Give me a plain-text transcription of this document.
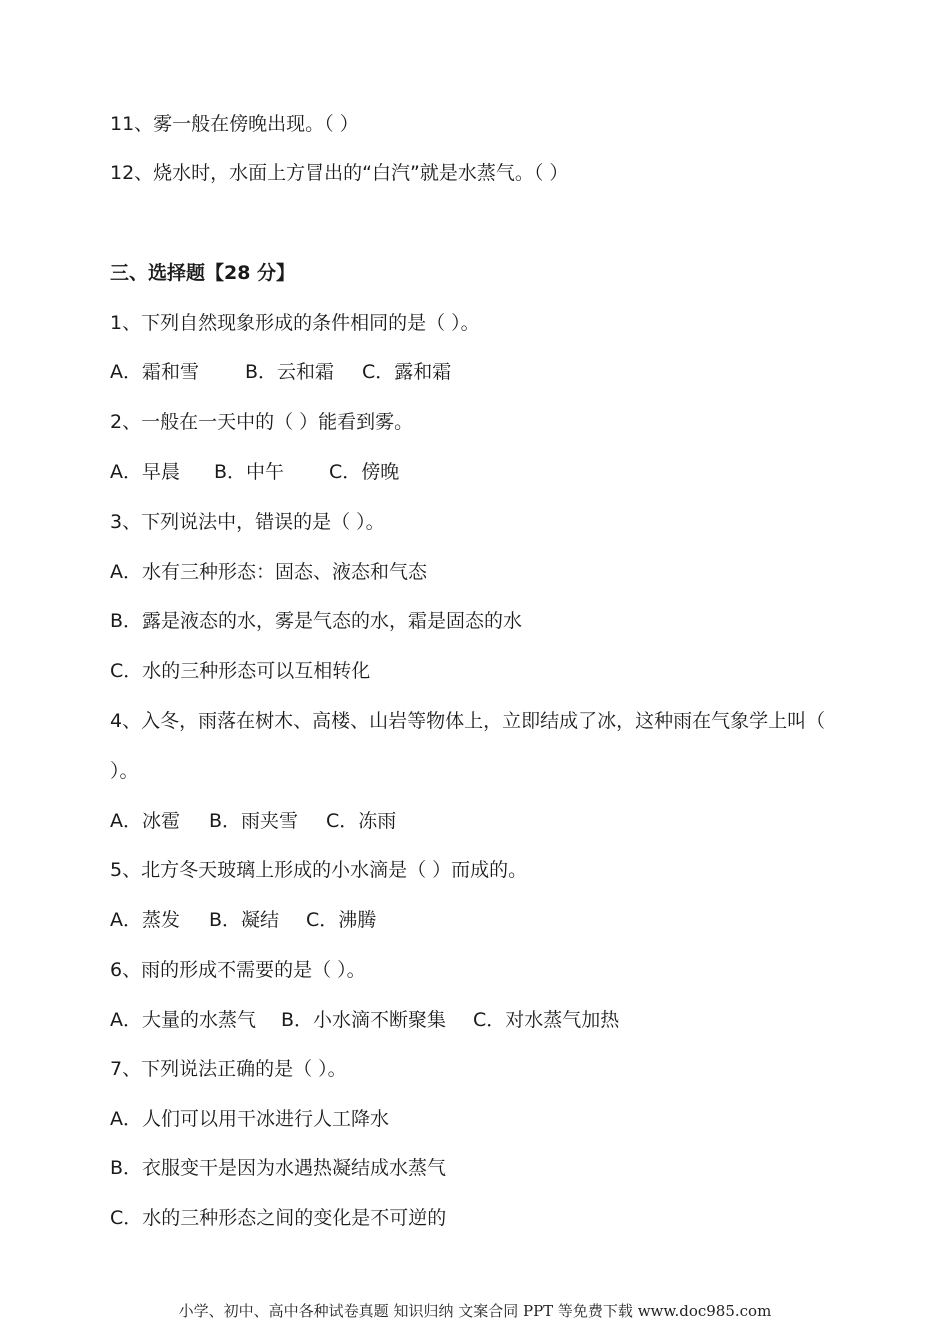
11、雾一般在傍晚出现。（ ）
12、烧水时，水面上方冒出的“白汽”就是水蒸气。（ ）
三、选择题【28 分】
1、下列自然现象形成的条件相同的是（ ）。
A．霜和雪 B．云和霜 C．露和霜
2、一般在一天中的（ ）能看到雾。
A．早晨 B．中午 C．傍晚
3、下列说法中，错误的是（ ）。
A．水有三种形态：固态、液态和气态
B．露是液态的水，雾是气态的水，霜是固态的水
C．水的三种形态可以互相转化
4、入冬，雨落在树木、高楼、山岩等物体上，立即结成了冰，这种雨在气象学上叫（
）。
A．冰雹 B．雨夹雪 C．冻雨
5、北方冬天玻璃上形成的小水滴是（ ）而成的。
A．蒸发 B．凝结 C．沸腾
6、雨的形成不需要的是（ ）。
A．大量的水蒸气 B．小水滴不断聚集 C．对水蒸气加热
7、下列说法正确的是（ ）。
A．人们可以用干冰进行人工降水
B．衣服变干是因为水遇热凝结成水蒸气
C．水的三种形态之间的变化是不可逆的
小学、初中、高中各种试卷真题 知识归纳 文案合同 PPT 等免费下载 www.doc985.com
